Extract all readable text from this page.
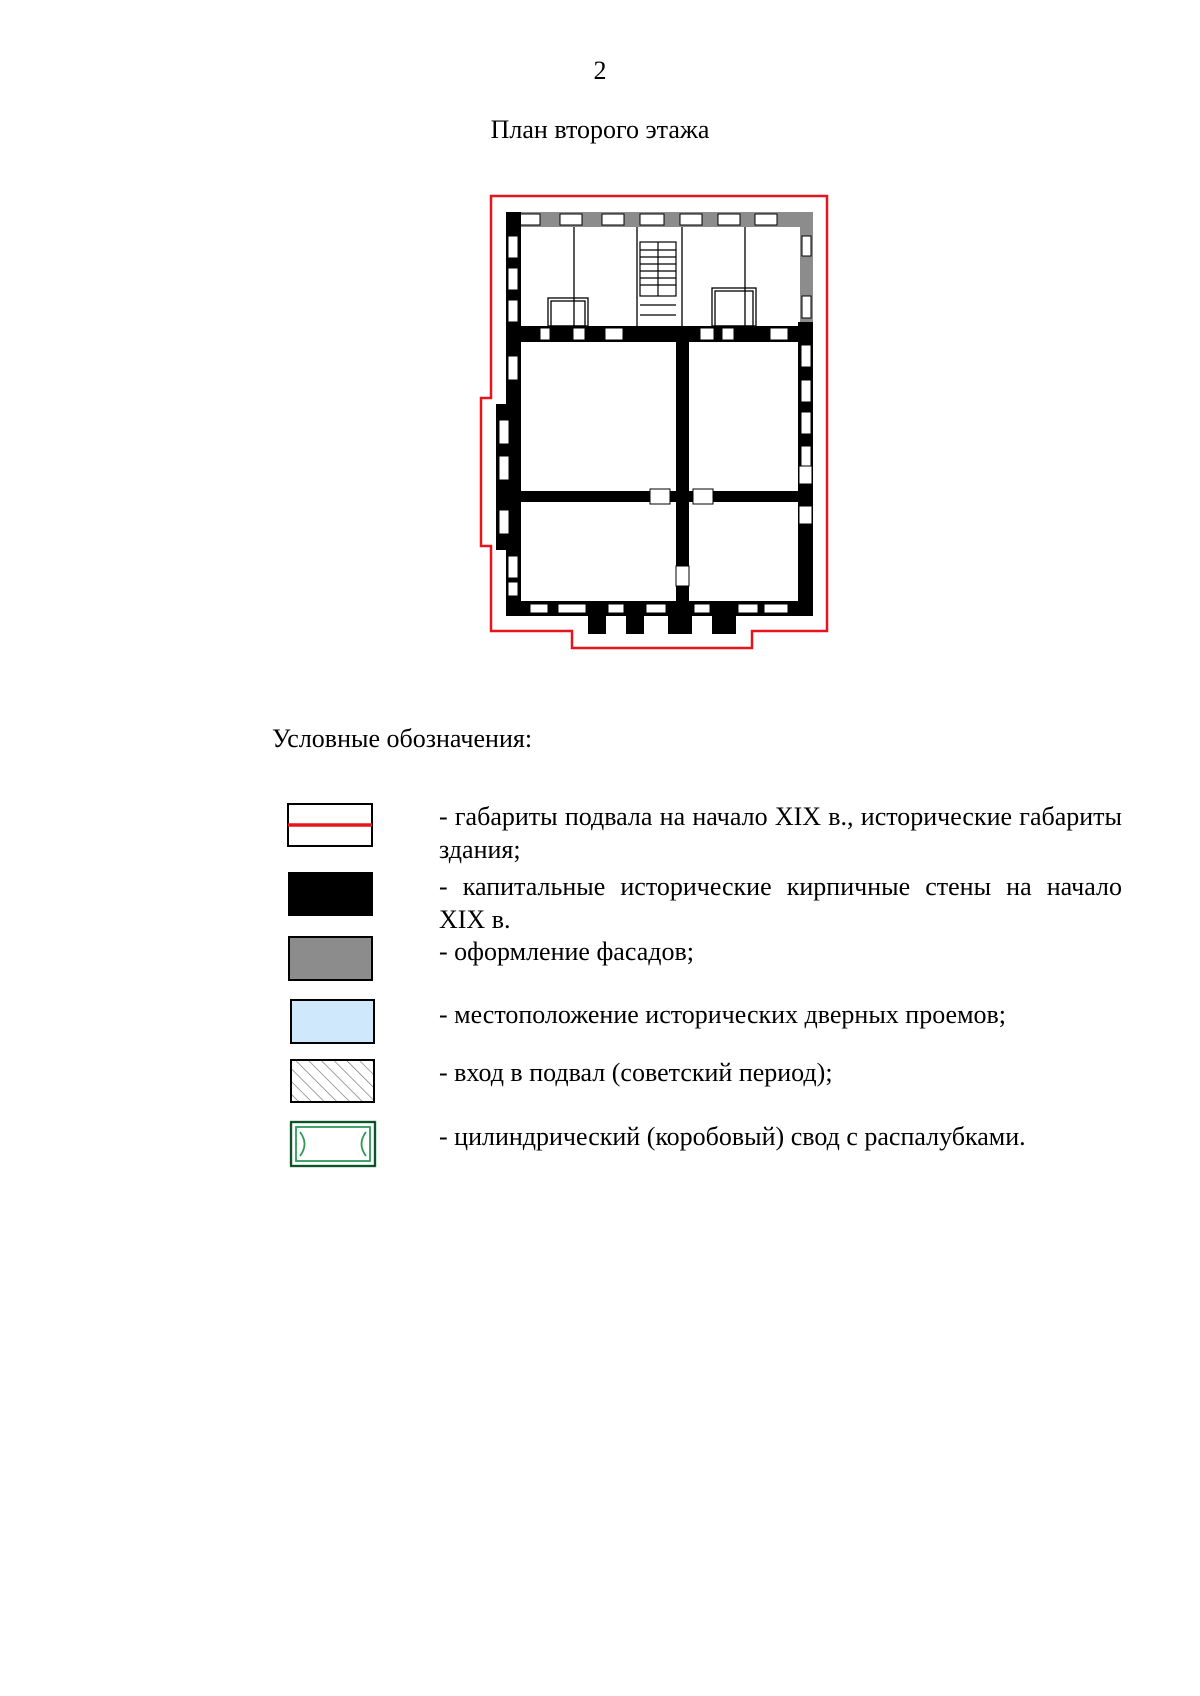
2
План второго этажа
Условные обозначения:
- габариты подвала на начало XIX в., исторические габариты здания;
- капитальные исторические кирпичные стены на начало XIX в.
- оформление фасадов;
- местоположение исторических дверных проемов;
- вход в подвал (советский период);
- цилиндрический (коробовый) свод с распалубками.
